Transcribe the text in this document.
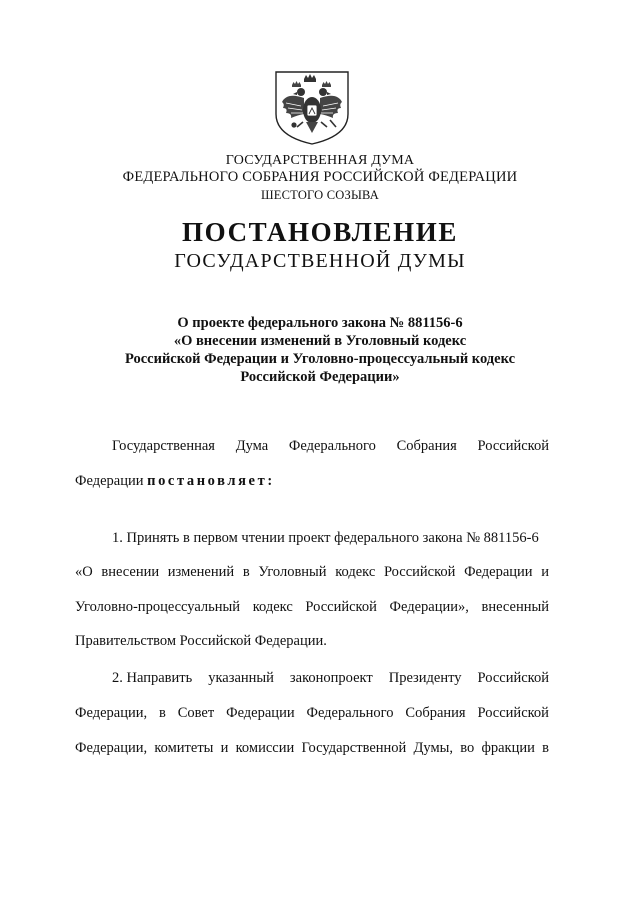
ГОСУДАРСТВЕННАЯ ДУМА
ФЕДЕРАЛЬНОГО СОБРАНИЯ РОССИЙСКОЙ ФЕДЕРАЦИИ
ШЕСТОГО СОЗЫВА
ПОСТАНОВЛЕНИЕ
ГОСУДАРСТВЕННОЙ ДУМЫ
О проекте федерального закона № 881156-6
«О внесении изменений в Уголовный кодекс
Российской Федерации и Уголовно-процессуальный кодекс
Российской Федерации»
Государственная Дума Федерального Собрания Российской
Федерации постановляет:
1. Принять в первом чтении проект федерального закона № 881156-6
«О внесении изменений в Уголовный кодекс Российской Федерации и
Уголовно-процессуальный кодекс Российской Федерации», внесенный
Правительством Российской Федерации.
2. Направить указанный законопроект Президенту Российской
Федерации, в Совет Федерации Федерального Собрания Российской
Федерации, комитеты и комиссии Государственной Думы, во фракции в
